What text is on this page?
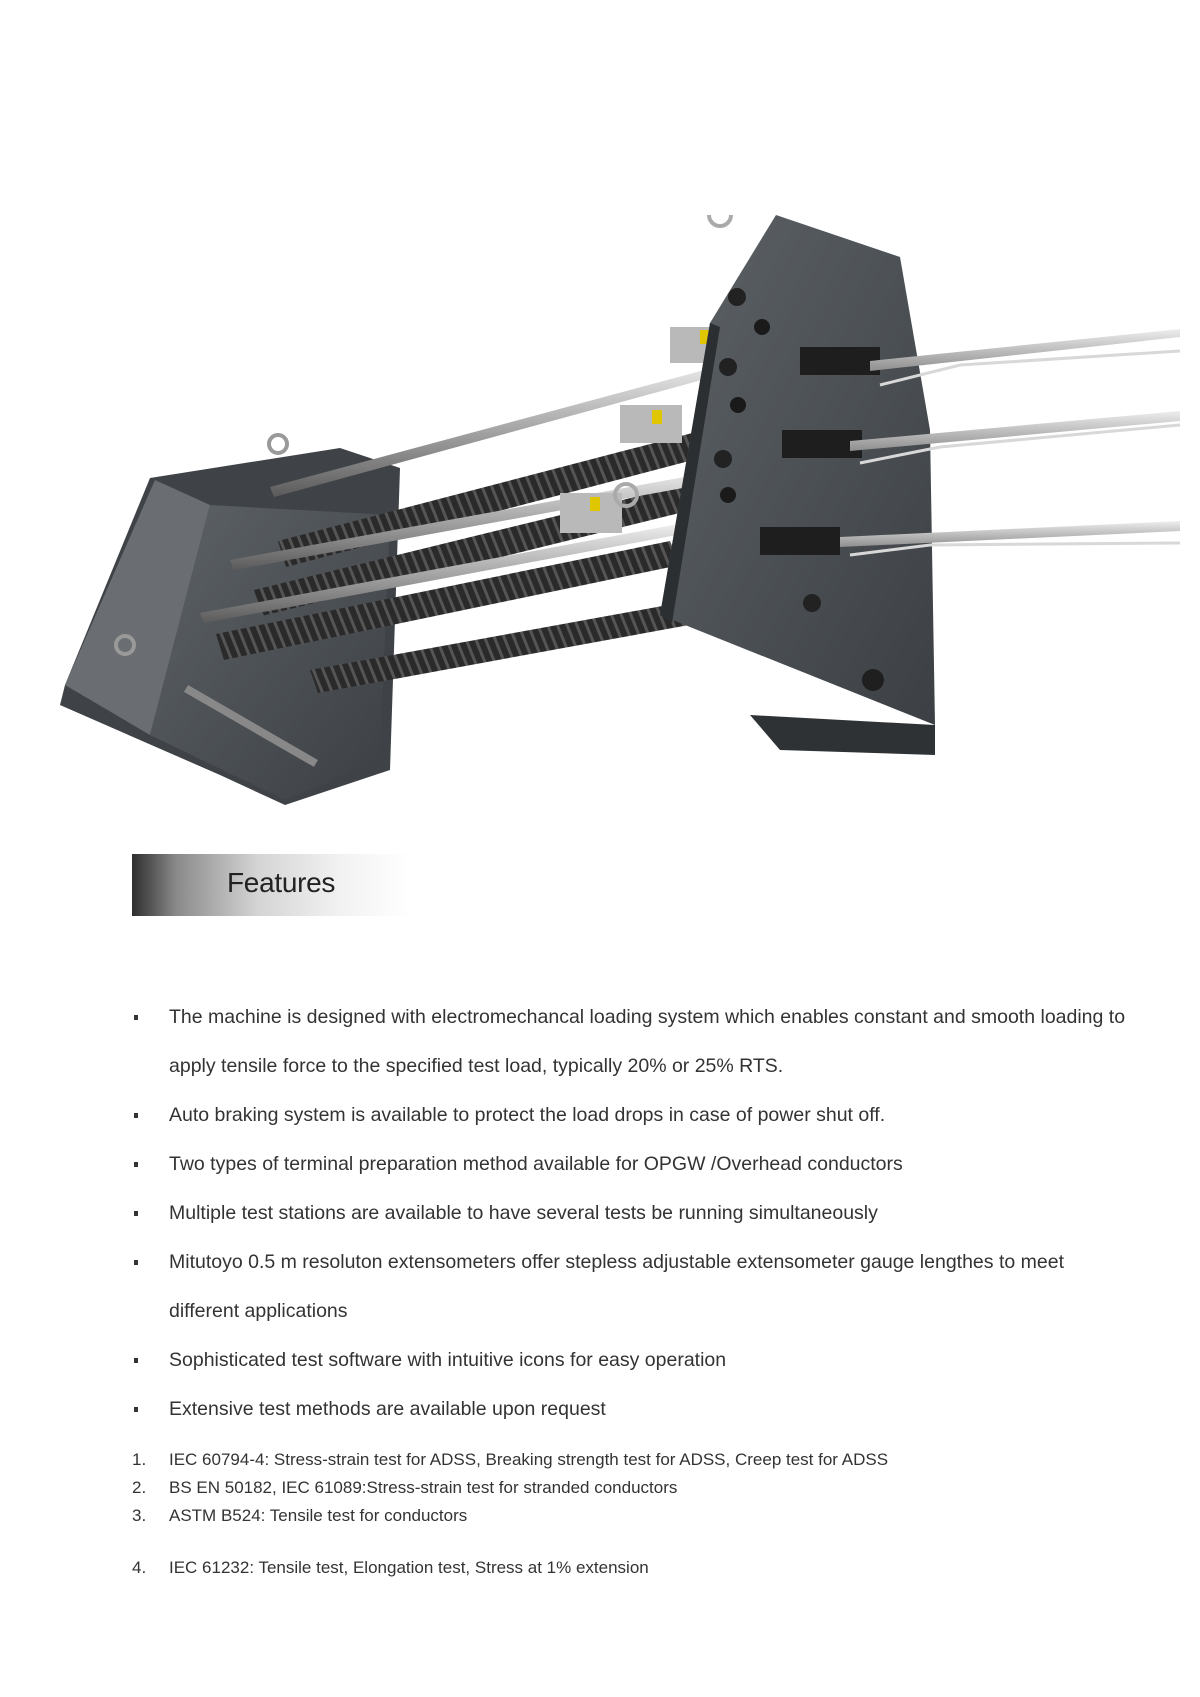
Features
The machine is designed with electromechancal loading system which enables constant and smooth loading to apply tensile force to the specified test load, typically 20% or 25% RTS.
Auto braking system is available to protect the load drops in case of power shut off.
Two types of terminal preparation method available for OPGW /Overhead conductors
Multiple test stations are available to have several tests be running simultaneously
Mitutoyo 0.5 m resoluton extensometers offer stepless adjustable extensometer gauge lengthes to meet different applications
Sophisticated test software with intuitive icons for easy operation
Extensive test methods are available upon request
1. IEC 60794-4: Stress-strain test for ADSS, Breaking strength test for ADSS, Creep test for ADSS
2. BS EN 50182, IEC 61089:Stress-strain test for stranded conductors
3. ASTM B524: Tensile test for conductors
4. IEC 61232: Tensile test, Elongation test, Stress at 1% extension
